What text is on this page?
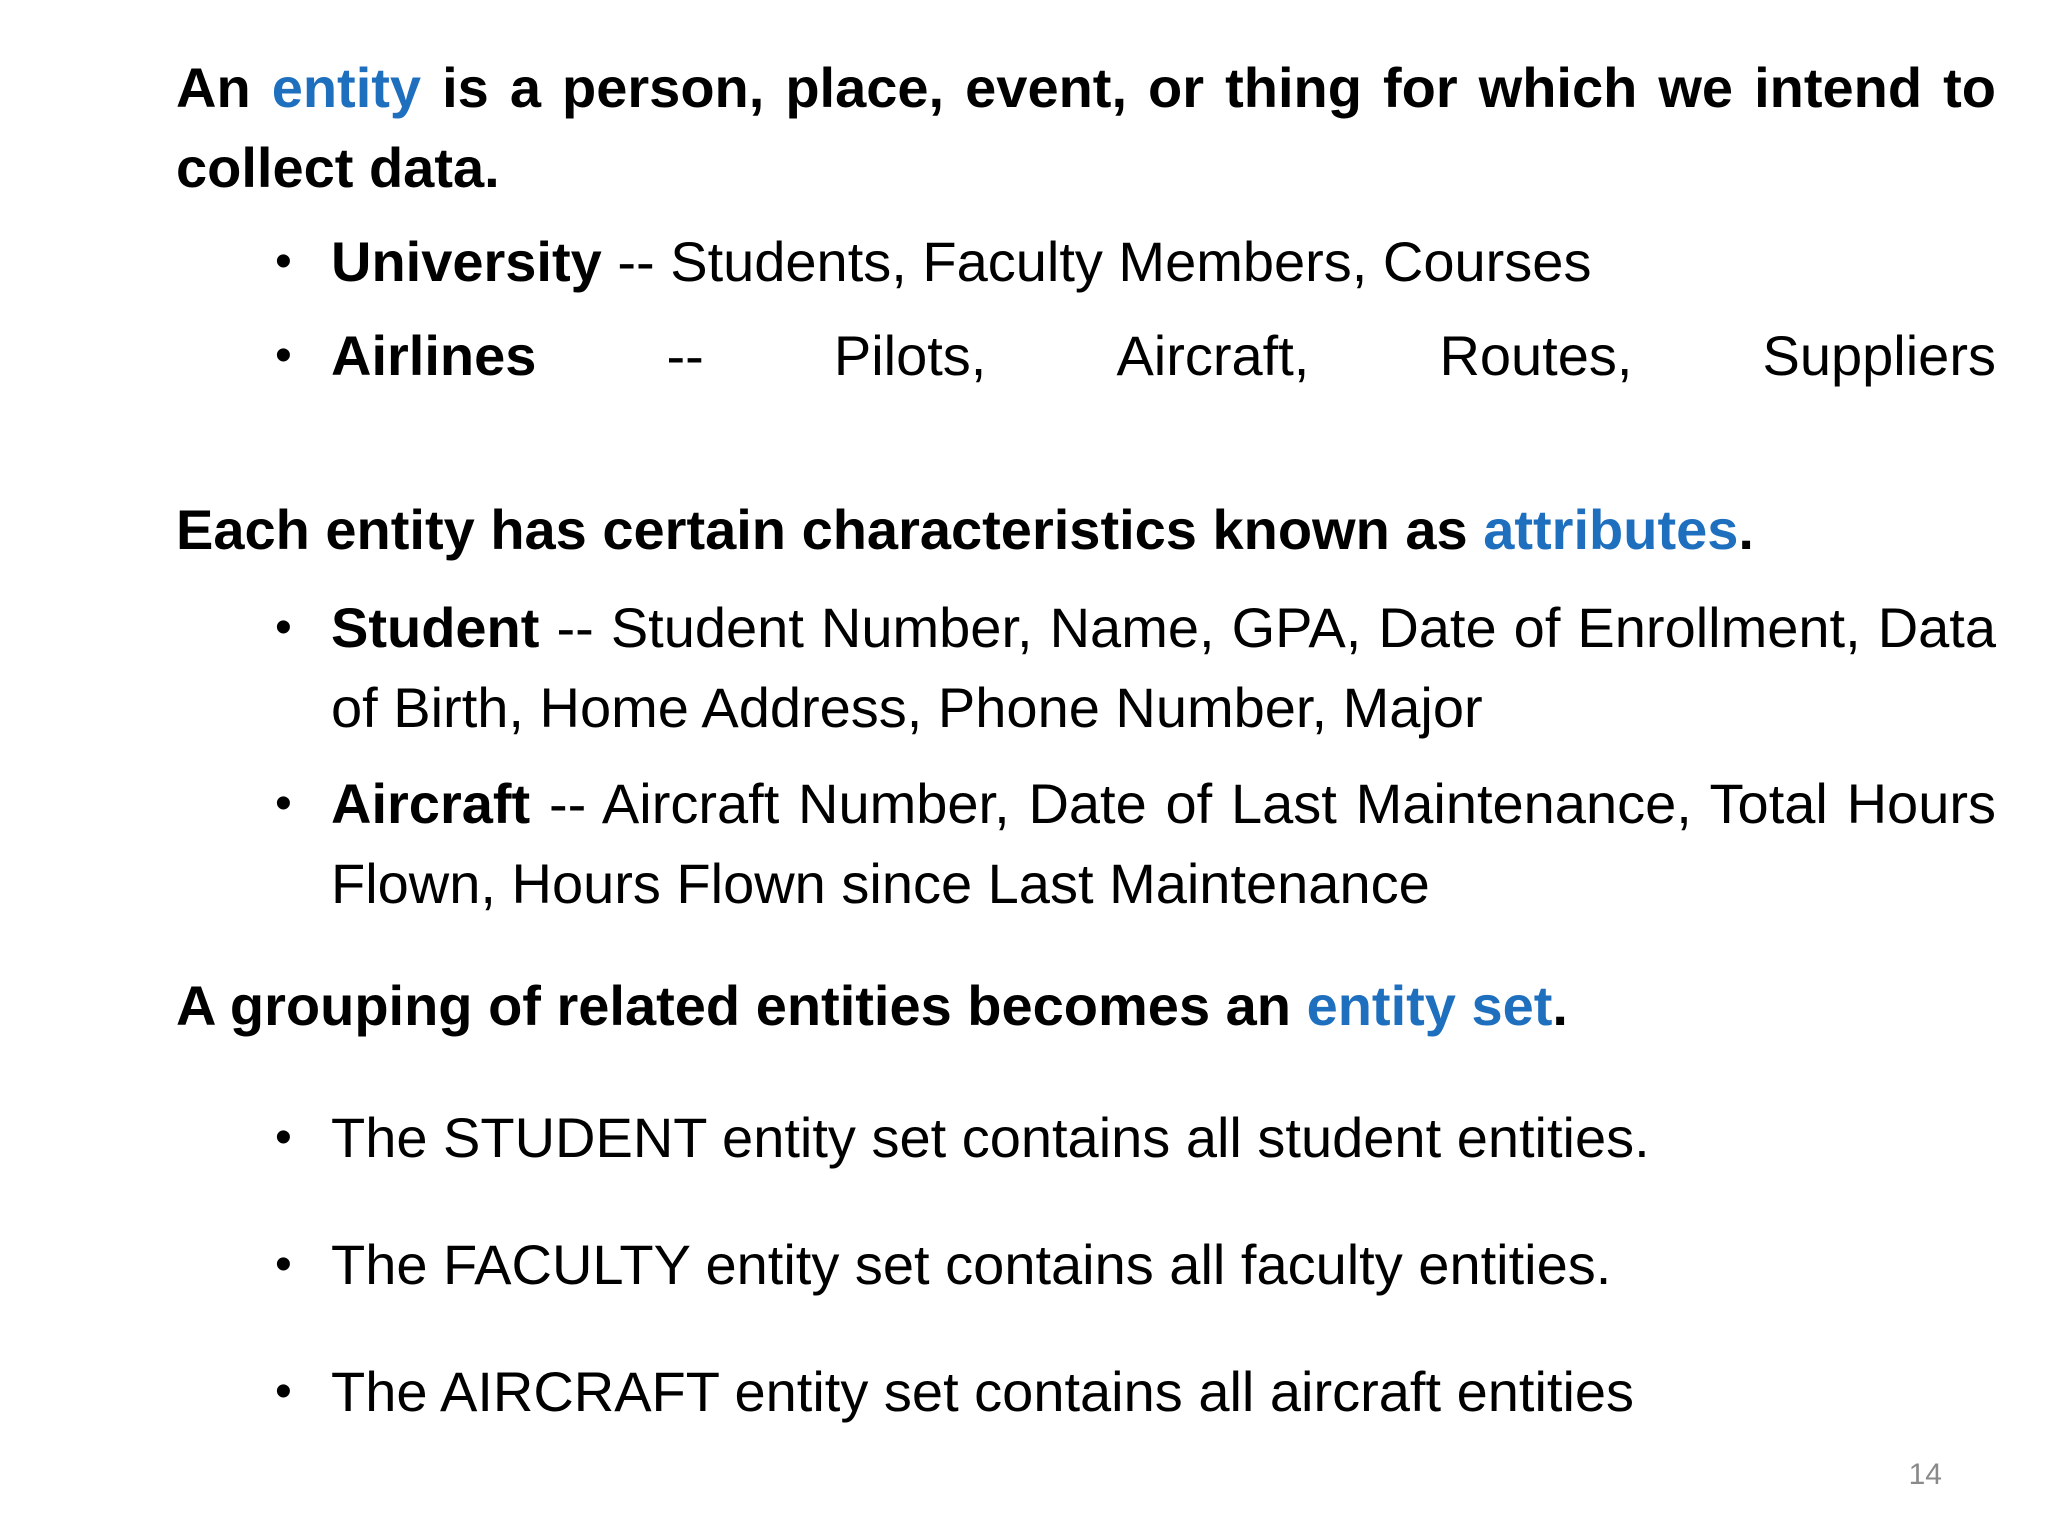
An entity is a person, place, event, or thing for which we intend to collect data.

• University -- Students, Faculty Members, Courses
• Airlines -- Pilots, Aircraft, Routes, Suppliers

Each entity has certain characteristics known as attributes.

• Student -- Student Number, Name, GPA, Date of Enrollment, Data of Birth, Home Address, Phone Number, Major
• Aircraft -- Aircraft Number, Date of Last Maintenance, Total Hours Flown, Hours Flown since Last Maintenance

A grouping of related entities becomes an entity set.

• The STUDENT entity set contains all student entities.
• The FACULTY entity set contains all faculty entities.
• The AIRCRAFT entity set contains all aircraft entities
14
